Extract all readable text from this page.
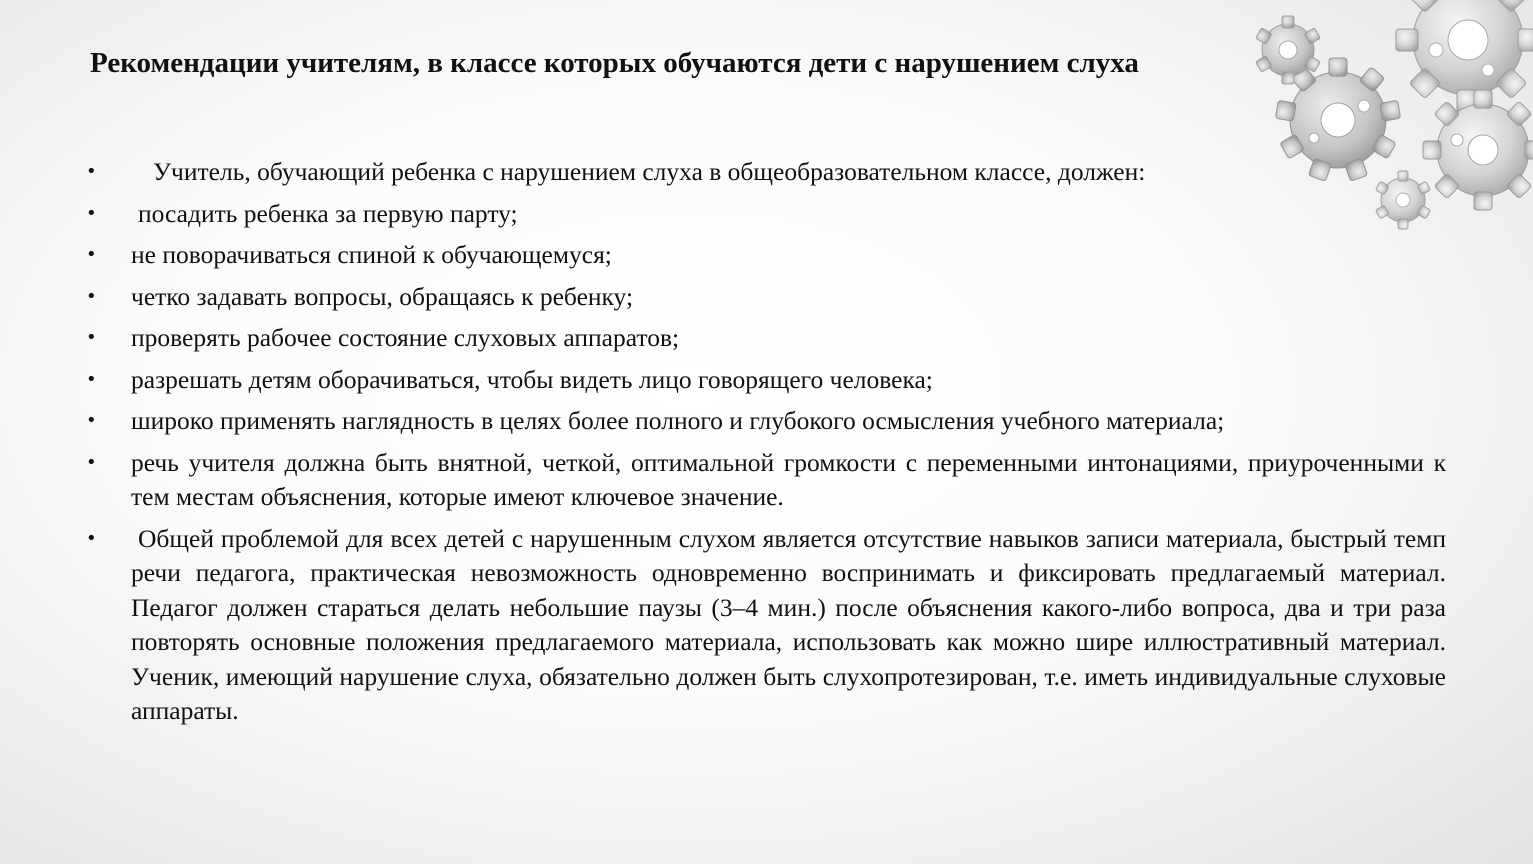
Рекомендации учителям, в классе которых обучаются дети с нарушением слуха
• Учитель, обучающий ребенка с нарушением слуха в общеобразовательном классе, должен:
• посадить ребенка за первую парту;
• не поворачиваться спиной к обучающемуся;
• четко задавать вопросы, обращаясь к ребенку;
• проверять рабочее состояние слуховых аппаратов;
• разрешать детям оборачиваться, чтобы видеть лицо говорящего человека;
• широко применять наглядность в целях более полного и глубокого осмысления учебного материала;
• речь учителя должна быть внятной, четкой, оптимальной громкости с переменными интонациями, приуроченными к тем местам объяснения, которые имеют ключевое значение.
• Общей проблемой для всех детей с нарушенным слухом является отсутствие навыков записи материала, быстрый темп речи педагога, практическая невозможность одновременно воспринимать и фиксировать предлагаемый материал. Педагог должен стараться делать небольшие паузы (3–4 мин.) после объяснения какого-либо вопроса, два и три раза повторять основные положения предлагаемого материала, использовать как можно шире иллюстративный материал. Ученик, имеющий нарушение слуха, обязательно должен быть слухопротезирован, т.е. иметь индивидуальные слуховые аппараты.
